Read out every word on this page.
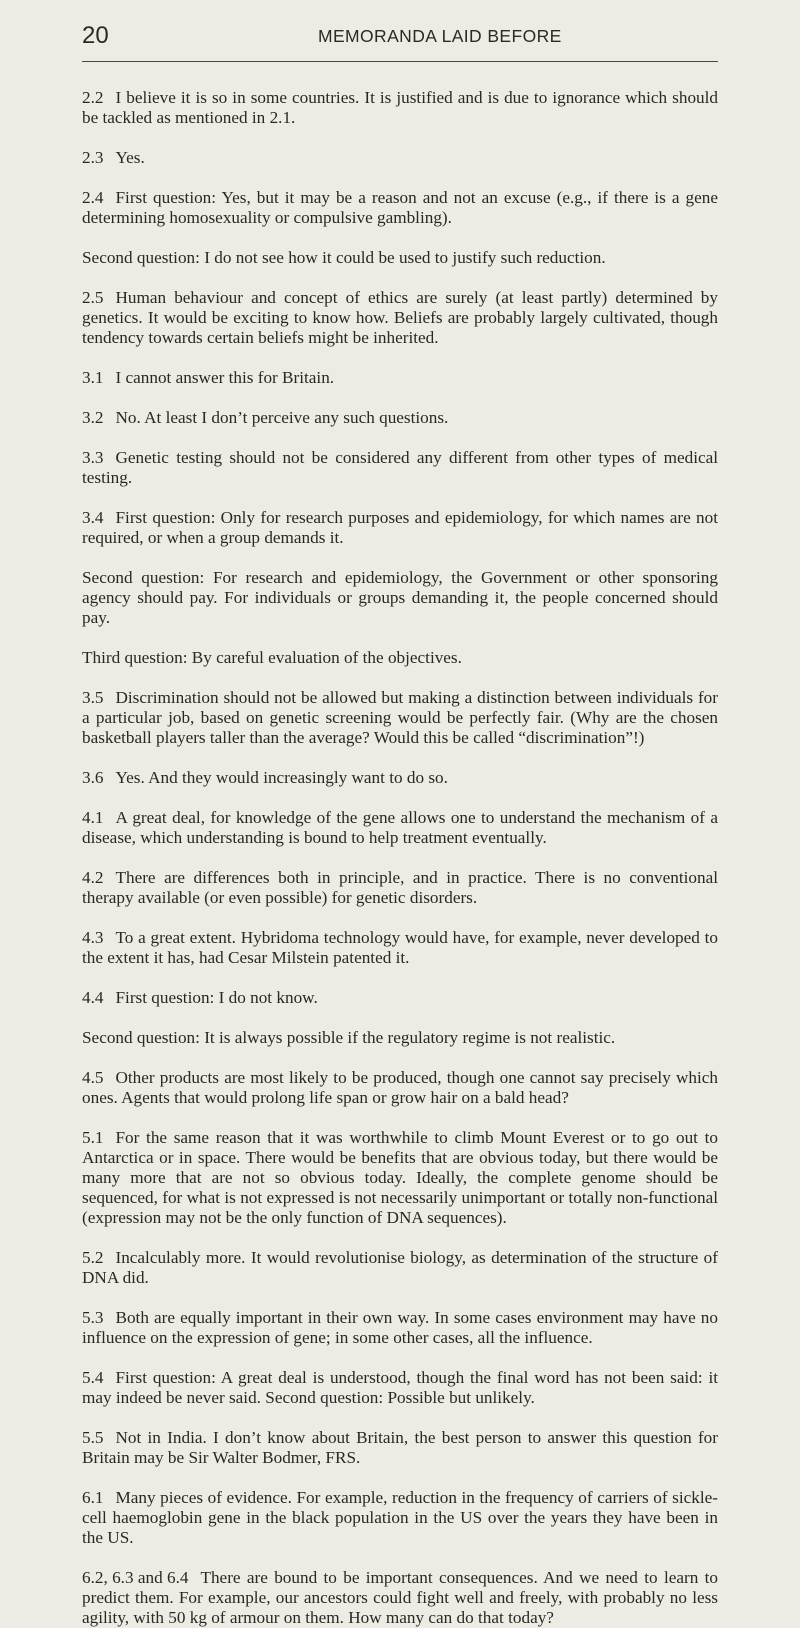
20	MEMORANDA LAID BEFORE

2.2 I believe it is so in some countries. It is justified and is due to ignorance which should be tackled as mentioned in 2.1.

2.3 Yes.

2.4 First question: Yes, but it may be a reason and not an excuse (e.g., if there is a gene determining homosexuality or compulsive gambling).

Second question: I do not see how it could be used to justify such reduction.

2.5 Human behaviour and concept of ethics are surely (at least partly) determined by genetics. It would be exciting to know how. Beliefs are probably largely cultivated, though tendency towards certain beliefs might be inherited.

3.1 I cannot answer this for Britain.

3.2 No. At least I don’t perceive any such questions.

3.3 Genetic testing should not be considered any different from other types of medical testing.

3.4 First question: Only for research purposes and epidemiology, for which names are not required, or when a group demands it.

Second question: For research and epidemiology, the Government or other sponsoring agency should pay. For individuals or groups demanding it, the people concerned should pay.

Third question: By careful evaluation of the objectives.

3.5 Discrimination should not be allowed but making a distinction between individuals for a particular job, based on genetic screening would be perfectly fair. (Why are the chosen basketball players taller than the average? Would this be called “discrimination”!)

3.6 Yes. And they would increasingly want to do so.

4.1 A great deal, for knowledge of the gene allows one to understand the mechanism of a disease, which understanding is bound to help treatment eventually.

4.2 There are differences both in principle, and in practice. There is no conventional therapy available (or even possible) for genetic disorders.

4.3 To a great extent. Hybridoma technology would have, for example, never developed to the extent it has, had Cesar Milstein patented it.

4.4 First question: I do not know.

Second question: It is always possible if the regulatory regime is not realistic.

4.5 Other products are most likely to be produced, though one cannot say precisely which ones. Agents that would prolong life span or grow hair on a bald head?

5.1 For the same reason that it was worthwhile to climb Mount Everest or to go out to Antarctica or in space. There would be benefits that are obvious today, but there would be many more that are not so obvious today. Ideally, the complete genome should be sequenced, for what is not expressed is not necessarily unimportant or totally non-functional (expression may not be the only function of DNA sequences).

5.2 Incalculably more. It would revolutionise biology, as determination of the structure of DNA did.

5.3 Both are equally important in their own way. In some cases environment may have no influence on the expression of gene; in some other cases, all the influence.

5.4 First question: A great deal is understood, though the final word has not been said: it may indeed be never said. Second question: Possible but unlikely.

5.5 Not in India. I don’t know about Britain, the best person to answer this question for Britain may be Sir Walter Bodmer, FRS.

6.1 Many pieces of evidence. For example, reduction in the frequency of carriers of sickle-cell haemoglobin gene in the black population in the US over the years they have been in the US.

6.2, 6.3 and 6.4 There are bound to be important consequences. And we need to learn to predict them. For example, our ancestors could fight well and freely, with probably no less agility, with 50 kg of armour on them. How many can do that today?
